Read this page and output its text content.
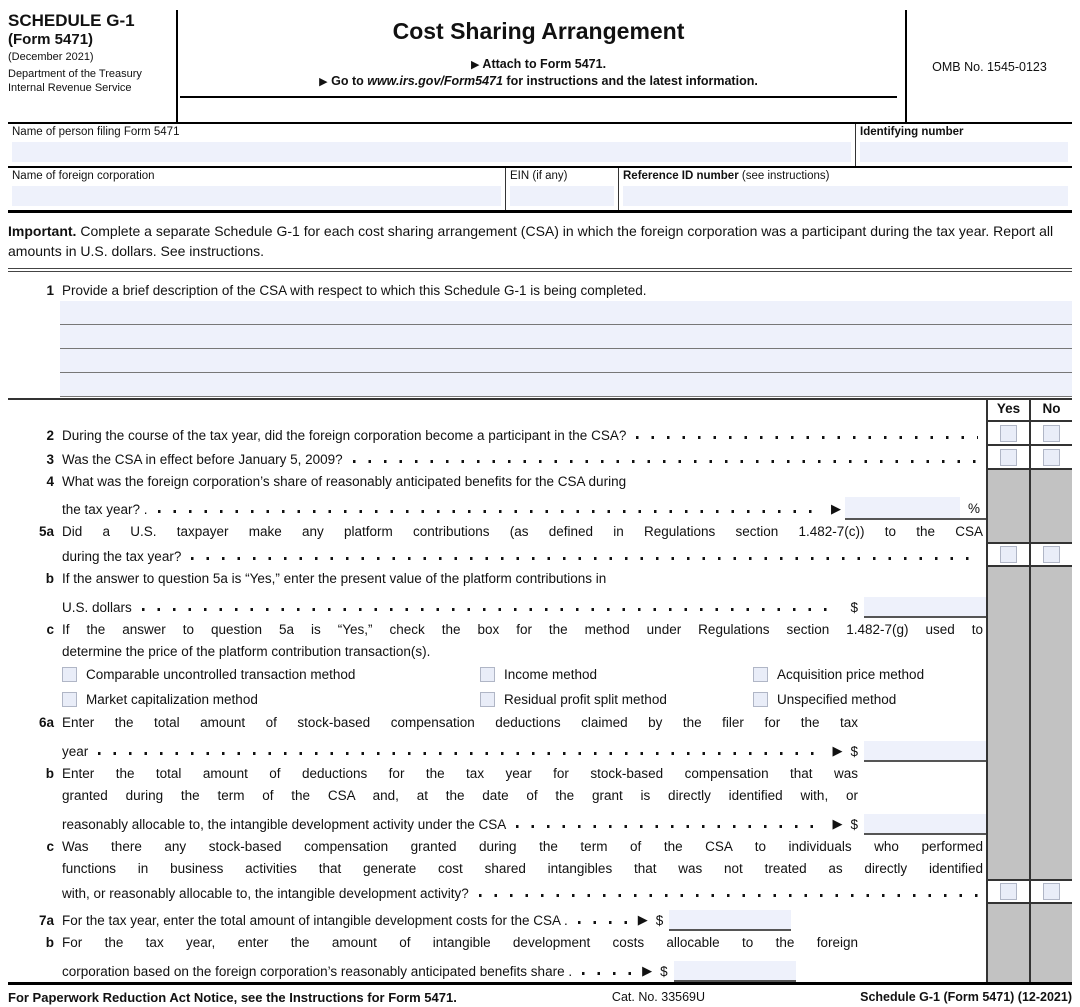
SCHEDULE G-1
(Form 5471)
(December 2021)
Department of the Treasury
Internal Revenue Service
Cost Sharing Arrangement
▶ Attach to Form 5471.
▶ Go to www.irs.gov/Form5471 for instructions and the latest information.
OMB No. 1545-0123
Name of person filing Form 5471	Identifying number
Name of foreign corporation	EIN (if any)	Reference ID number (see instructions)
Important. Complete a separate Schedule G-1 for each cost sharing arrangement (CSA) in which the foreign corporation was a participant during the tax year. Report all amounts in U.S. dollars. See instructions.
1 Provide a brief description of the CSA with respect to which this Schedule G-1 is being completed.
Yes	No
2 During the course of the tax year, did the foreign corporation become a participant in the CSA?
3 Was the CSA in effect before January 5, 2009?
4 What was the foreign corporation’s share of reasonably anticipated benefits for the CSA during
the tax year? .	▶	%
5a Did a U.S. taxpayer make any platform contributions (as defined in Regulations section 1.482-7(c)) to the CSA
during the tax year?
b If the answer to question 5a is “Yes,” enter the present value of the platform contributions in
U.S. dollars	$
c If the answer to question 5a is “Yes,” check the box for the method under Regulations section 1.482-7(g) used to
determine the price of the platform contribution transaction(s).
Comparable uncontrolled transaction method	Income method	Acquisition price method
Market capitalization method	Residual profit split method	Unspecified method
6a Enter the total amount of stock-based compensation deductions claimed by the filer for the tax
year	▶ $
b Enter the total amount of deductions for the tax year for stock-based compensation that was
granted during the term of the CSA and, at the date of the grant is directly identified with, or
reasonably allocable to, the intangible development activity under the CSA	▶ $
c Was there any stock-based compensation granted during the term of the CSA to individuals who performed
functions in business activities that generate cost shared intangibles that was not treated as directly identified
with, or reasonably allocable to, the intangible development activity?
7a For the tax year, enter the total amount of intangible development costs for the CSA .	▶ $
b For the tax year, enter the amount of intangible development costs allocable to the foreign
corporation based on the foreign corporation’s reasonably anticipated benefits share .	▶ $
For Paperwork Reduction Act Notice, see the Instructions for Form 5471.	Cat. No. 33569U	Schedule G-1 (Form 5471) (12-2021)
